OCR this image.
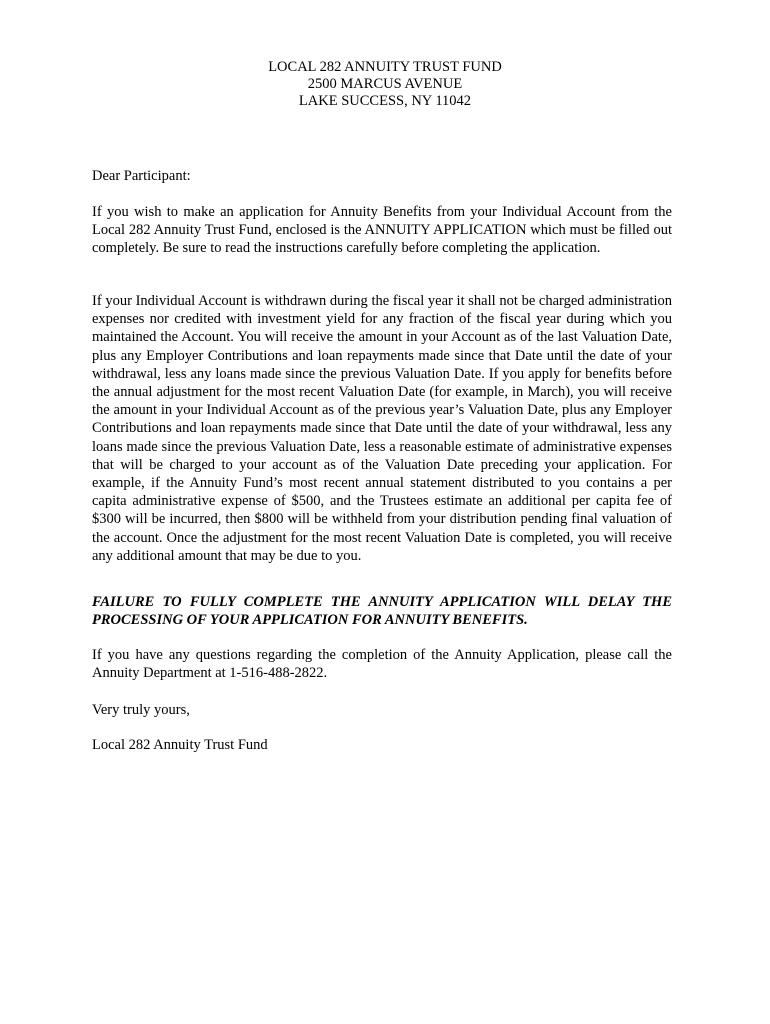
LOCAL 282 ANNUITY TRUST FUND
2500 MARCUS AVENUE
LAKE SUCCESS, NY 11042

Dear Participant:

If you wish to make an application for Annuity Benefits from your Individual Account from the Local 282 Annuity Trust Fund, enclosed is the ANNUITY APPLICATION which must be filled out completely. Be sure to read the instructions carefully before completing the application.

If your Individual Account is withdrawn during the fiscal year it shall not be charged administration expenses nor credited with investment yield for any fraction of the fiscal year during which you maintained the Account. You will receive the amount in your Account as of the last Valuation Date, plus any Employer Contributions and loan repayments made since that Date until the date of your withdrawal, less any loans made since the previous Valuation Date. If you apply for benefits before the annual adjustment for the most recent Valuation Date (for example, in March), you will receive the amount in your Individual Account as of the previous year’s Valuation Date, plus any Employer Contributions and loan repayments made since that Date until the date of your withdrawal, less any loans made since the previous Valuation Date, less a reasonable estimate of administrative expenses that will be charged to your account as of the Valuation Date preceding your application. For example, if the Annuity Fund’s most recent annual statement distributed to you contains a per capita administrative expense of $500, and the Trustees estimate an additional per capita fee of $300 will be incurred, then $800 will be withheld from your distribution pending final valuation of the account. Once the adjustment for the most recent Valuation Date is completed, you will receive any additional amount that may be due to you.

FAILURE TO FULLY COMPLETE THE ANNUITY APPLICATION WILL DELAY THE PROCESSING OF YOUR APPLICATION FOR ANNUITY BENEFITS.

If you have any questions regarding the completion of the Annuity Application, please call the Annuity Department at 1-516-488-2822.

Very truly yours,

Local 282 Annuity Trust Fund
